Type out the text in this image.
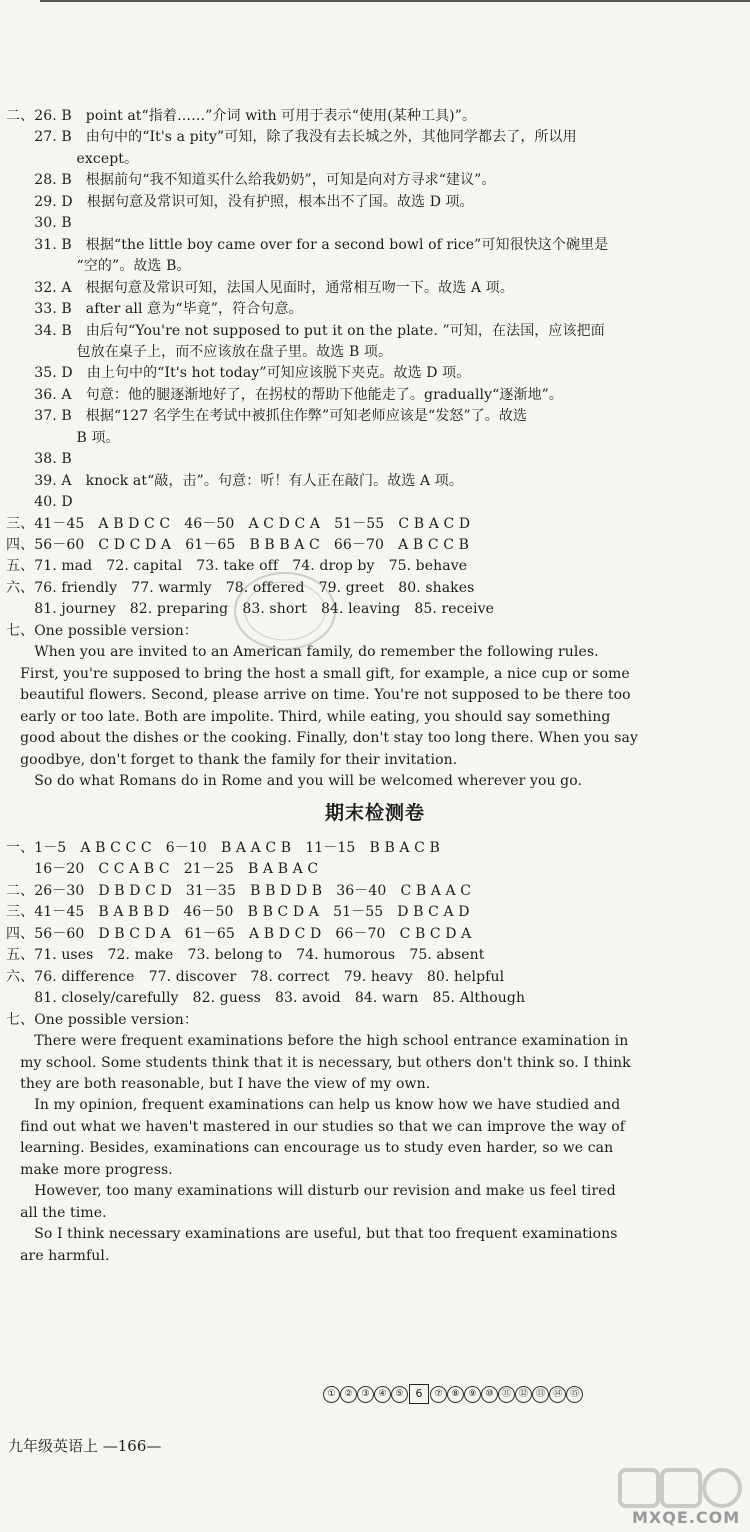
二、26. B　point at“指着……”介词 with 可用于表示“使用(某种工具)”。
　　27. B　由句中的“It's a pity”可知，除了我没有去长城之外，其他同学都去了，所以用
　　　　　except。
　　28. B　根据前句“我不知道买什么给我奶奶”，可知是向对方寻求“建议”。
　　29. D　根据句意及常识可知，没有护照，根本出不了国。故选 D 项。
　　30. B
　　31. B　根据“the little boy came over for a second bowl of rice”可知很快这个碗里是
　　　　　“空的”。故选 B。
　　32. A　根据句意及常识可知，法国人见面时，通常相互吻一下。故选 A 项。
　　33. B　after all 意为“毕竟”，符合句意。
　　34. B　由后句“You're not supposed to put it on the plate. ”可知，在法国，应该把面
　　　　　包放在桌子上，而不应该放在盘子里。故选 B 项。
　　35. D　由上句中的“It's hot today”可知应该脱下夹克。故选 D 项。
　　36. A　句意：他的腿逐渐地好了，在拐杖的帮助下他能走了。gradually“逐渐地”。
　　37. B　根据“127 名学生在考试中被抓住作弊”可知老师应该是“发怒”了。故选
　　　　　B 项。
　　38. B
　　39. A　knock at“敲，击”。句意：听！有人正在敲门。故选 A 项。
　　40. D
三、41－45　A B D C C　46－50　A C D C A　51－55　C B A C D
四、56－60　C D C D A　61－65　B B B A C　66－70　A B C C B
五、71. mad　72. capital　73. take off　74. drop by　75. behave
六、76. friendly　77. warmly　78. offered　79. greet　80. shakes
　　81. journey　82. preparing　83. short　84. leaving　85. receive
七、One possible version：
　　When you are invited to an American family, do remember the following rules.
　First, you're supposed to bring the host a small gift, for example, a nice cup or some
　beautiful flowers. Second, please arrive on time. You're not supposed to be there too
　early or too late. Both are impolite. Third, while eating, you should say something
　good about the dishes or the cooking. Finally, don't stay too long there. When you say
　goodbye, don't forget to thank the family for their invitation.
　　So do what Romans do in Rome and you will be welcomed wherever you go.
期末检测卷
一、1－5　A B C C C　6－10　B A A C B　11－15　B B A C B
　　16－20　C C A B C　21－25　B A B A C
二、26－30　D B D C D　31－35　B B D D B　36－40　C B A A C
三、41－45　B A B B D　46－50　B B C D A　51－55　D B C A D
四、56－60　D B C D A　61－65　A B D C D　66－70　C B C D A
五、71. uses　72. make　73. belong to　74. humorous　75. absent
六、76. difference　77. discover　78. correct　79. heavy　80. helpful
　　81. closely/carefully　82. guess　83. avoid　84. warn　85. Although
七、One possible version：
　　There were frequent examinations before the high school entrance examination in
　my school. Some students think that it is necessary, but others don't think so. I think
　they are both reasonable, but I have the view of my own.
　　In my opinion, frequent examinations can help us know how we have studied and
　find out what we haven't mastered in our studies so that we can improve the way of
　learning. Besides, examinations can encourage us to study even harder, so we can
　make more progress.
　　However, too many examinations will disturb our revision and make us feel tired
　all the time.
　　So I think necessary examinations are useful, but that too frequent examinations
　are harmful.
① ② ③ ④ ⑤	6	⑦ ⑧ ⑨ ⑩ ⑪ ⑫ ⑬ ⑭ ⑮
九年级英语上 —166—
MXQE.COM
